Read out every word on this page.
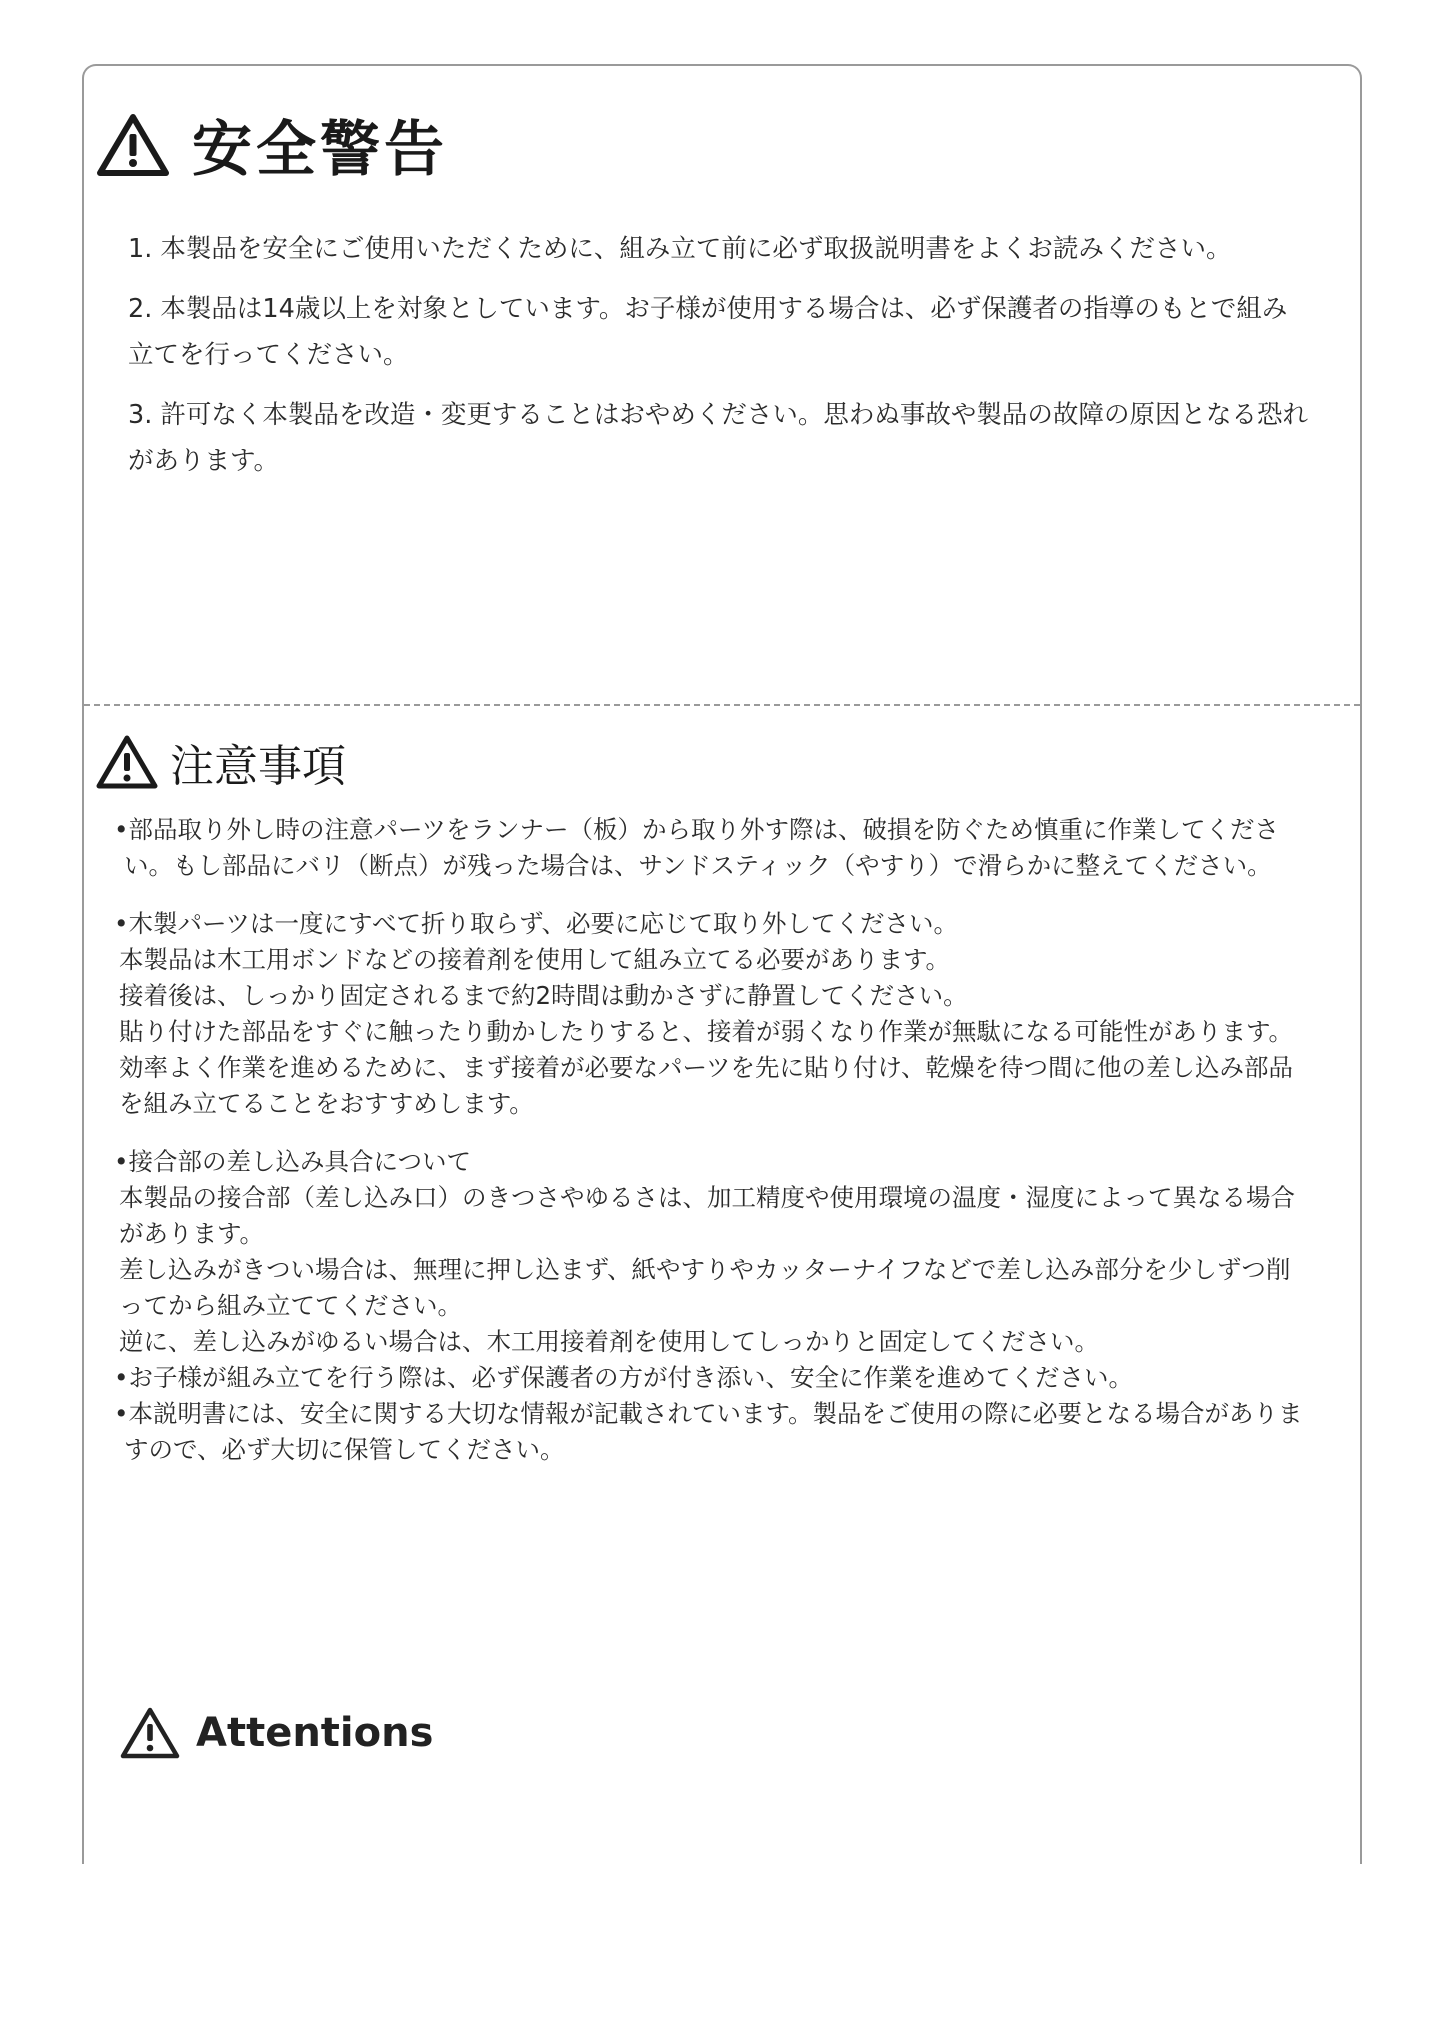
安全警告
1. 本製品を安全にご使用いただくために、組み立て前に必ず取扱説明書をよくお読みください。
2. 本製品は14歳以上を対象としています。お子様が使用する場合は、必ず保護者の指導のもとで組み立てを行ってください。
3. 許可なく本製品を改造・変更することはおやめください。思わぬ事故や製品の故障の原因となる恐れがあります。
注意事項
•部品取り外し時の注意パーツをランナー（板）から取り外す際は、破損を防ぐため慎重に作業してください。もし部品にバリ（断点）が残った場合は、サンドスティック（やすり）で滑らかに整えてください。
•木製パーツは一度にすべて折り取らず、必要に応じて取り外してください。
本製品は木工用ボンドなどの接着剤を使用して組み立てる必要があります。
接着後は、しっかり固定されるまで約2時間は動かさずに静置してください。
貼り付けた部品をすぐに触ったり動かしたりすると、接着が弱くなり作業が無駄になる可能性があります。
効率よく作業を進めるために、まず接着が必要なパーツを先に貼り付け、乾燥を待つ間に他の差し込み部品を組み立てることをおすすめします。
•接合部の差し込み具合について
本製品の接合部（差し込み口）のきつさやゆるさは、加工精度や使用環境の温度・湿度によって異なる場合があります。
差し込みがきつい場合は、無理に押し込まず、紙やすりやカッターナイフなどで差し込み部分を少しずつ削ってから組み立ててください。
逆に、差し込みがゆるい場合は、木工用接着剤を使用してしっかりと固定してください。
•お子様が組み立てを行う際は、必ず保護者の方が付き添い、安全に作業を進めてください。
•本説明書には、安全に関する大切な情報が記載されています。製品をご使用の際に必要となる場合がありますので、必ず大切に保管してください。
Attentions
